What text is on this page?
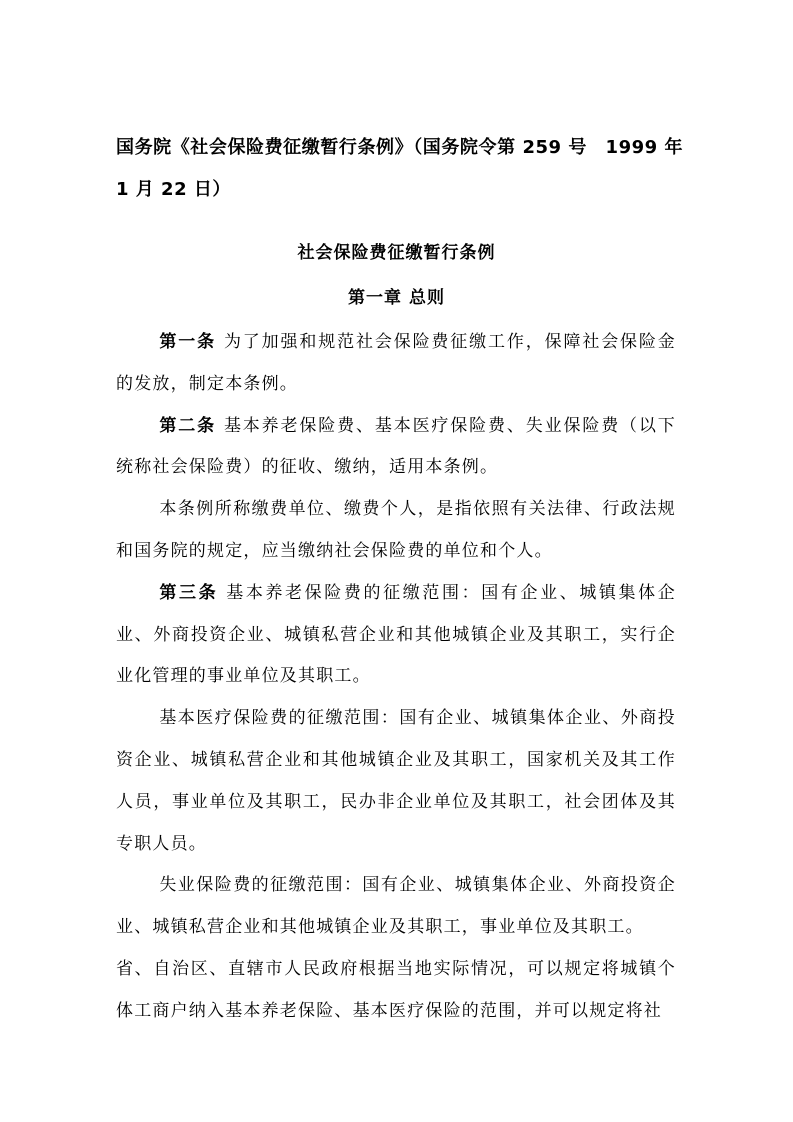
国务院《社会保险费征缴暂行条例》（国务院令第 259 号　1999 年 1 月 22 日）

社会保险费征缴暂行条例
第一章 总则

第一条 为了加强和规范社会保险费征缴工作，保障社会保险金的发放，制定本条例。

第二条 基本养老保险费、基本医疗保险费、失业保险费（以下统称社会保险费）的征收、缴纳，适用本条例。

本条例所称缴费单位、缴费个人，是指依照有关法律、行政法规和国务院的规定，应当缴纳社会保险费的单位和个人。

第三条 基本养老保险费的征缴范围：国有企业、城镇集体企业、外商投资企业、城镇私营企业和其他城镇企业及其职工，实行企业化管理的事业单位及其职工。

基本医疗保险费的征缴范围：国有企业、城镇集体企业、外商投资企业、城镇私营企业和其他城镇企业及其职工，国家机关及其工作人员，事业单位及其职工，民办非企业单位及其职工，社会团体及其专职人员。

失业保险费的征缴范围：国有企业、城镇集体企业、外商投资企业、城镇私营企业和其他城镇企业及其职工，事业单位及其职工。

省、自治区、直辖市人民政府根据当地实际情况，可以规定将城镇个体工商户纳入基本养老保险、基本医疗保险的范围，并可以规定将社
